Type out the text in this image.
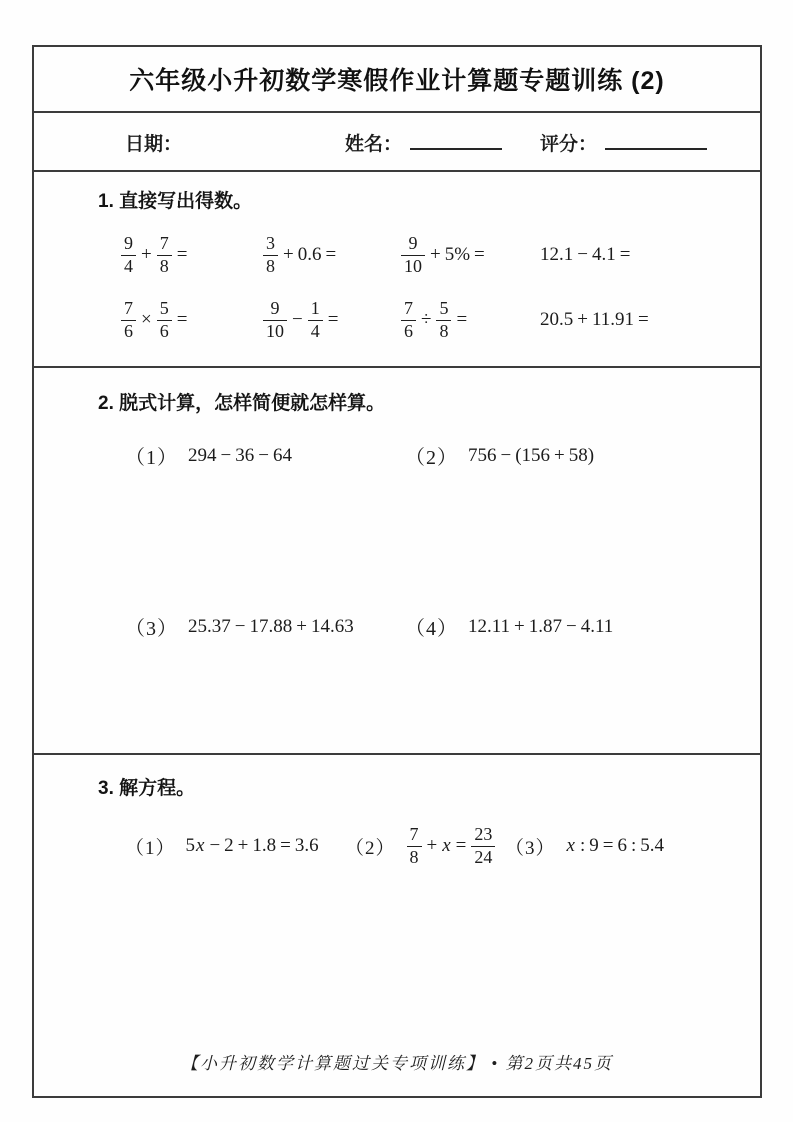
六年级小升初数学寒假作业计算题专题训练 (2)
日期：	姓名：	评分：
1. 直接写出得数。
$\frac{9}{4} + \frac{7}{8}$ =	$\frac{3}{8} + 0.6$ =	$\frac{9}{10} + 5\%$ =	12.1 − 4.1 =
$\frac{7}{6} \times \frac{5}{6}$ =	$\frac{9}{10} - \frac{1}{4}$ =	$\frac{7}{6} \div \frac{5}{8}$ =	20.5 + 11.91 =
2. 脱式计算，怎样简便就怎样算。
（1） 294 − 36 − 64	（2） 756 − (156 + 58)
（3） 25.37 − 17.88 + 14.63	（4） 12.11 + 1.87 − 4.11
3. 解方程。
（1） 5 x − 2 + 1.8 = 3.6 $(2) \frac{7}{8} + x = \frac{23}{24} (3)$ x : 9 = 6 : 5.4
【小升初数学计算题过关专项训练】 • 第2页共45页
